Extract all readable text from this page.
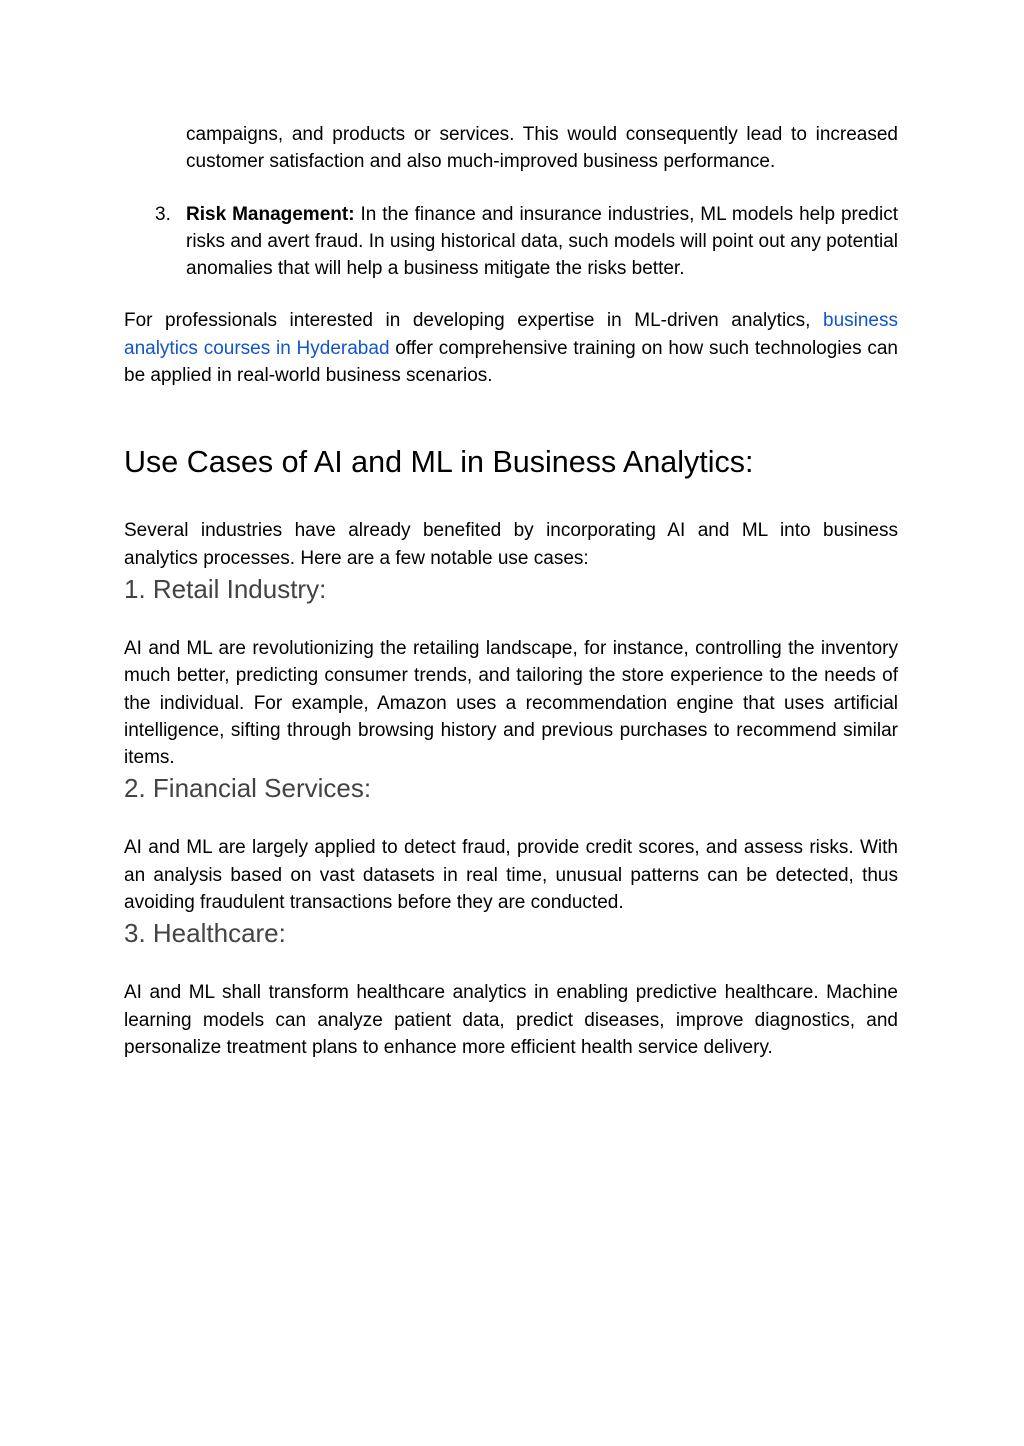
campaigns, and products or services. This would consequently lead to increased customer satisfaction and also much-improved business performance.

3. Risk Management: In the finance and insurance industries, ML models help predict risks and avert fraud. In using historical data, such models will point out any potential anomalies that will help a business mitigate the risks better.

For professionals interested in developing expertise in ML-driven analytics, business analytics courses in Hyderabad offer comprehensive training on how such technologies can be applied in real-world business scenarios.

Use Cases of AI and ML in Business Analytics:

Several industries have already benefited by incorporating AI and ML into business analytics processes. Here are a few notable use cases:

1. Retail Industry:

AI and ML are revolutionizing the retailing landscape, for instance, controlling the inventory much better, predicting consumer trends, and tailoring the store experience to the needs of the individual. For example, Amazon uses a recommendation engine that uses artificial intelligence, sifting through browsing history and previous purchases to recommend similar items.

2. Financial Services:

AI and ML are largely applied to detect fraud, provide credit scores, and assess risks. With an analysis based on vast datasets in real time, unusual patterns can be detected, thus avoiding fraudulent transactions before they are conducted.

3. Healthcare:

AI and ML shall transform healthcare analytics in enabling predictive healthcare. Machine learning models can analyze patient data, predict diseases, improve diagnostics, and personalize treatment plans to enhance more efficient health service delivery.
